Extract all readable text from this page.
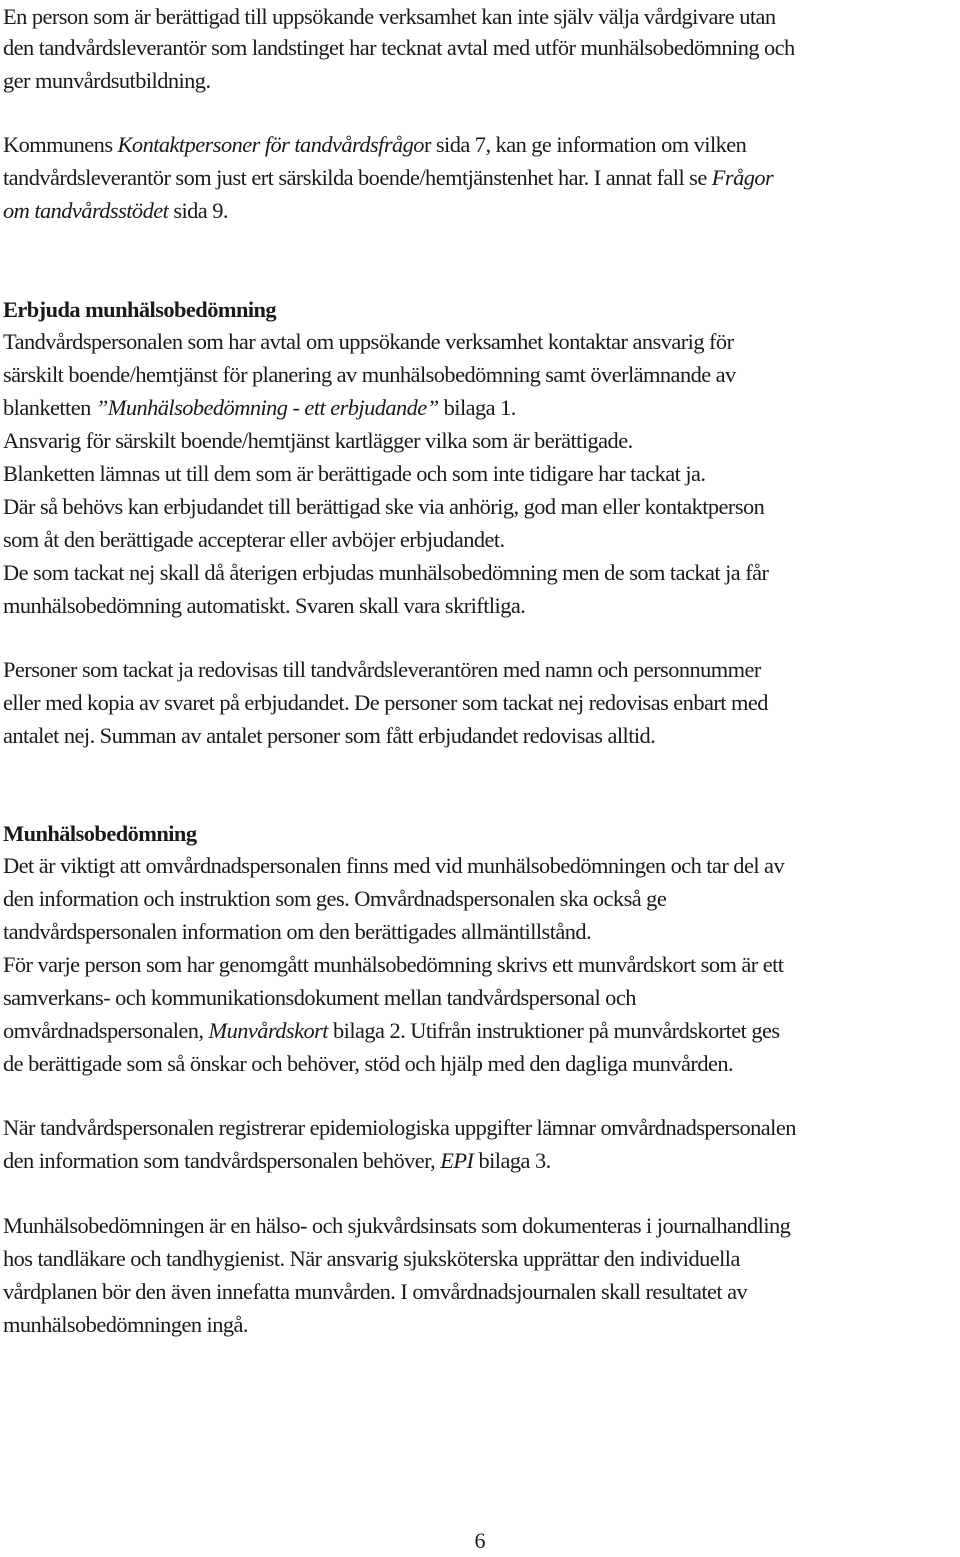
En person som är berättigad till uppsökande verksamhet kan inte själv välja vårdgivare utan
den tandvårdsleverantör som landstinget har tecknat avtal med utför munhälsobedömning och
ger munvårdsutbildning.
Kommunens Kontaktpersoner för tandvårdsfrågor sida 7, kan ge information om vilken
tandvårdsleverantör som just ert särskilda boende/hemtjänstenhet har. I annat fall se Frågor
om tandvårdsstödet sida 9.
Erbjuda munhälsobedömning
Tandvårdspersonalen som har avtal om uppsökande verksamhet kontaktar ansvarig för
särskilt boende/hemtjänst för planering av munhälsobedömning samt överlämnande av
blanketten ”Munhälsobedömning - ett erbjudande” bilaga 1.
Ansvarig för särskilt boende/hemtjänst kartlägger vilka som är berättigade.
Blanketten lämnas ut till dem som är berättigade och som inte tidigare har tackat ja.
Där så behövs kan erbjudandet till berättigad ske via anhörig, god man eller kontaktperson
som åt den berättigade accepterar eller avböjer erbjudandet.
De som tackat nej skall då återigen erbjudas munhälsobedömning men de som tackat ja får
munhälsobedömning automatiskt. Svaren skall vara skriftliga.
Personer som tackat ja redovisas till tandvårdsleverantören med namn och personnummer
eller med kopia av svaret på erbjudandet. De personer som tackat nej redovisas enbart med
antalet nej. Summan av antalet personer som fått erbjudandet redovisas alltid.
Munhälsobedömning
Det är viktigt att omvårdnadspersonalen finns med vid munhälsobedömningen och tar del av
den information och instruktion som ges. Omvårdnadspersonalen ska också ge
tandvårdspersonalen information om den berättigades allmäntillstånd.
För varje person som har genomgått munhälsobedömning skrivs ett munvårdskort som är ett
samverkans- och kommunikationsdokument mellan tandvårdspersonal och
omvårdnadspersonalen, Munvårdskort bilaga 2. Utifrån instruktioner på munvårdskortet ges
de berättigade som så önskar och behöver, stöd och hjälp med den dagliga munvården.
När tandvårdspersonalen registrerar epidemiologiska uppgifter lämnar omvårdnadspersonalen
den information som tandvårdspersonalen behöver, EPI bilaga 3.
Munhälsobedömningen är en hälso- och sjukvårdsinsats som dokumenteras i journalhandling
hos tandläkare och tandhygienist. När ansvarig sjuksköterska upprättar den individuella
vårdplanen bör den även innefatta munvården. I omvårdnadsjournalen skall resultatet av
munhälsobedömningen ingå.
6
